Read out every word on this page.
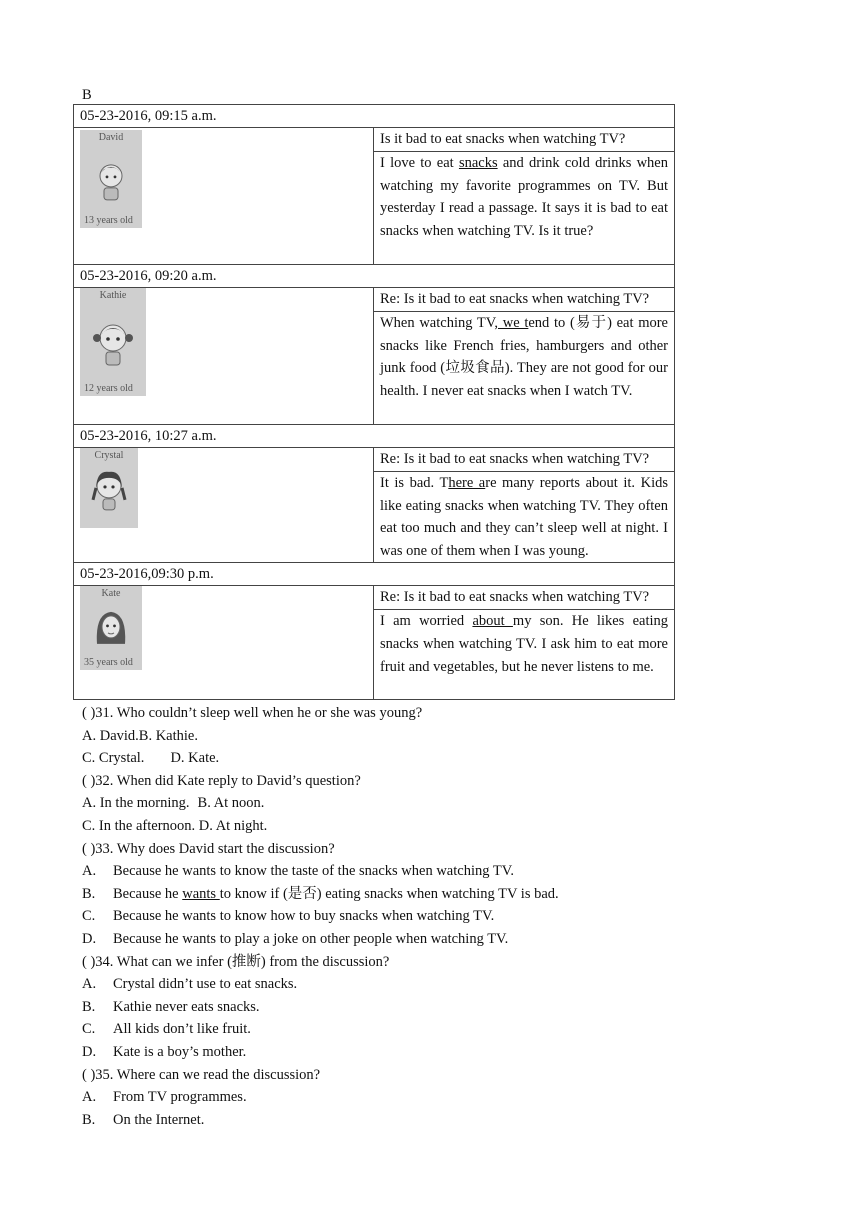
B
05-23-2016, 09:15 a.m.	

David
13 years old	Is it bad to eat snacks when watching TV?
	I love to eat snacks and drink cold drinks when watching my favorite programmes on TV. But yesterday I read a passage. It says it is bad to eat snacks when watching TV. Is it true?
05-23-2016, 09:20 a.m.	

Kathie
12 years old	Re: Is it bad to eat snacks when watching TV?
	When watching TV, we tend to (易于) eat more snacks like French fries, hamburgers and other junk food (垃圾食品). They are not good for our health. I never eat snacks when I watch TV.
05-23-2016, 10:27 a.m.	

Crystal	Re: Is it bad to eat snacks when watching TV?
	It is bad. There are many reports about it. Kids like eating snacks when watching TV. They often eat too much and they can’t sleep well at night. I was one of them when I was young.
05-23-2016,09:30 p.m.	

Kate
35 years old	Re: Is it bad to eat snacks when watching TV?
	I am worried about my son. He likes eating snacks when watching TV. I ask him to eat more fruit and vegetables, but he never listens to me.
( )31. Who couldn’t sleep well when he or she was young?
A. David.B. Kathie.
C. Crystal. D. Kate.
( )32. When did Kate reply to David’s question?
A. In the morning. B. At noon.
C. In the afternoon. D. At night.
( )33. Why does David start the discussion?
A. Because he wants to know the taste of the snacks when watching TV.
B. Because he wants to know if (是否) eating snacks when watching TV is bad.
C. Because he wants to know how to buy snacks when watching TV.
D. Because he wants to play a joke on other people when watching TV.
( )34. What can we infer (推断) from the discussion?
A. Crystal didn’t use to eat snacks.
B. Kathie never eats snacks.
C. All kids don’t like fruit.
D. Kate is a boy’s mother.
( )35. Where can we read the discussion?
A. From TV programmes.
B. On the Internet.
